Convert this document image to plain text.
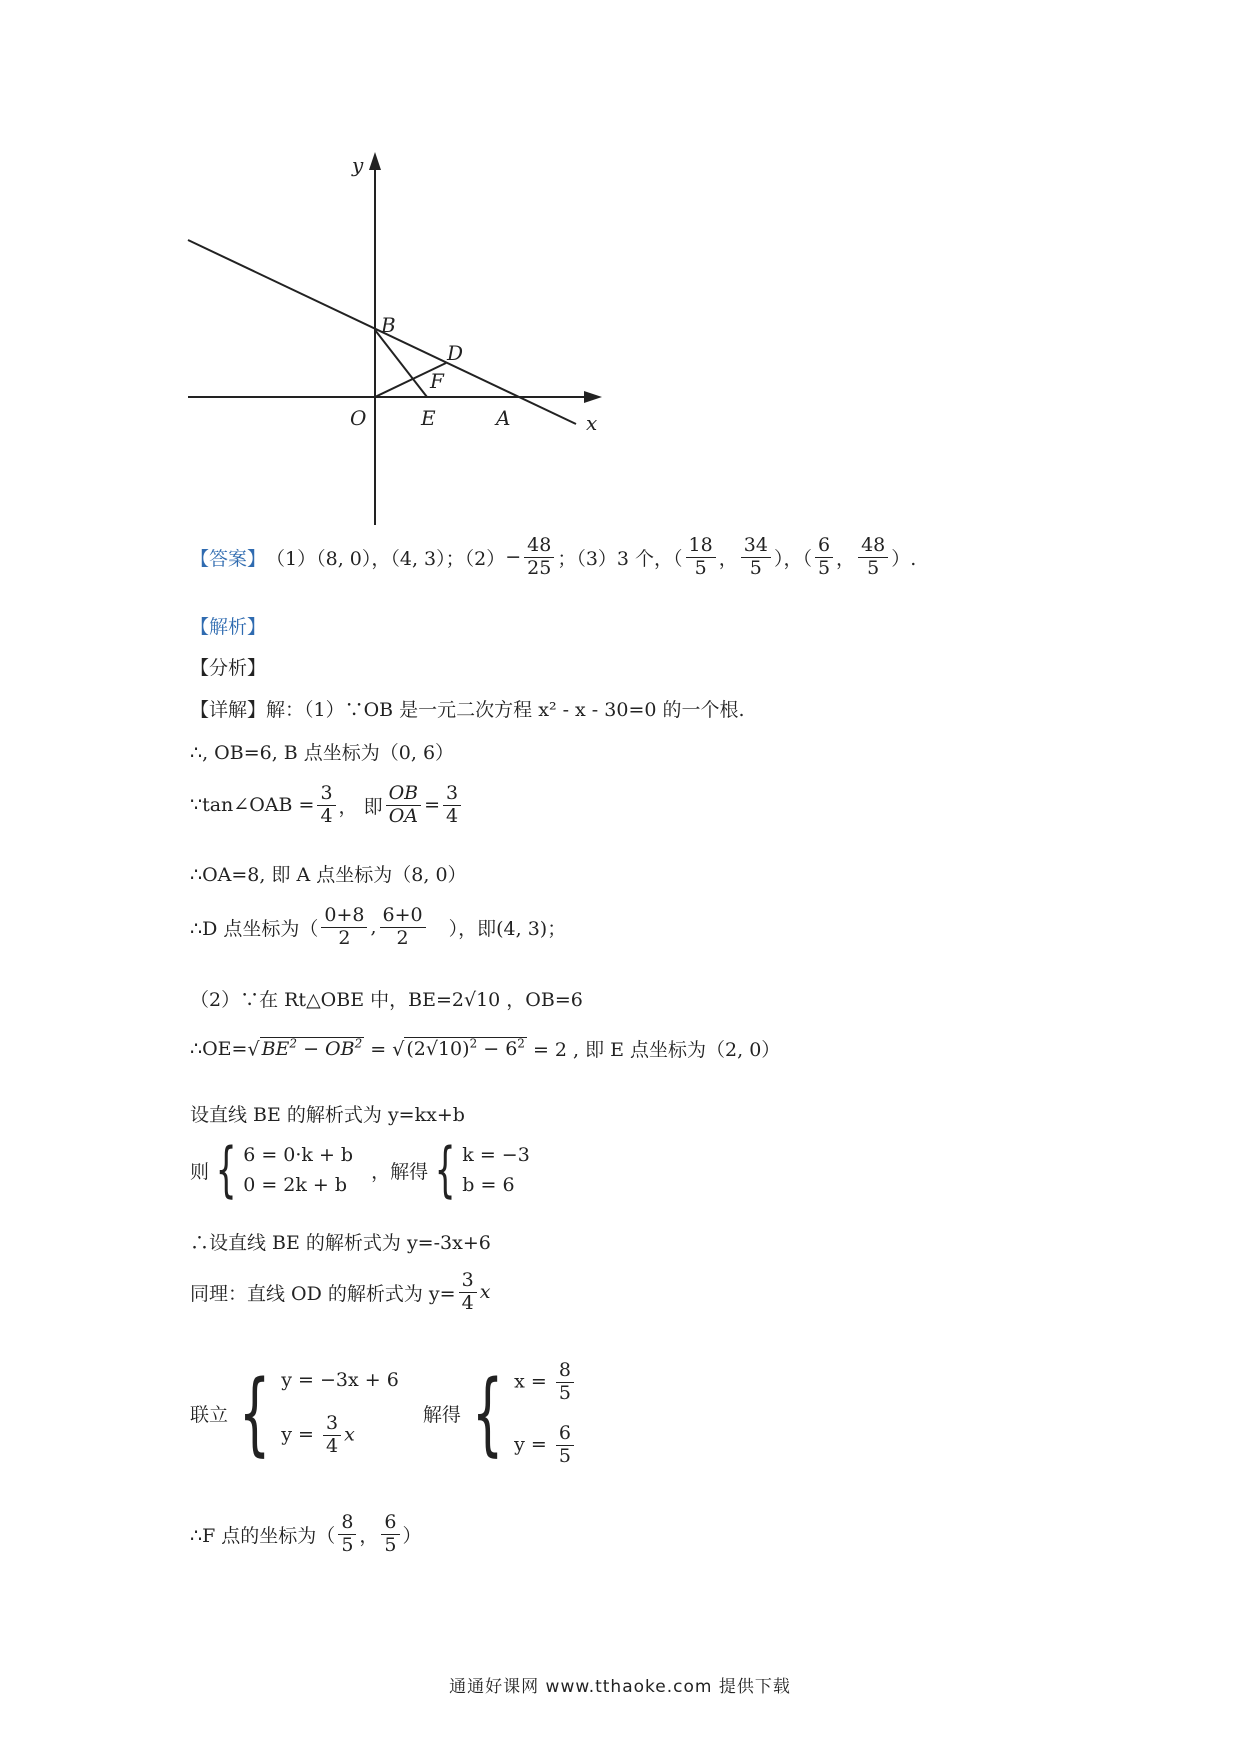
y
x
B
D
F
O	E	A
【答案】 （1）（8, 0），（4, 3）；$(2) - \frac{48}{25}$ ；（3）3 个，（ $\frac{18}{5}$ ， $\frac{34}{5}$ ），（ $\frac{6}{5}$ ， $\frac{48}{5}$ ）.
【解析】
【分析】
【详解】 解：（1）∵OB 是一元二次方程 x² - x - 30=0 的一个根.
∴, OB=6, B 点坐标为（0, 6）
∵tan∠OAB = $\frac{3}{4}$ ， 即 $\frac{OB}{OA} = \frac{3}{4}$
∴OA=8, 即 A 点坐标为（8, 0）
∴D 点坐标为（ $\frac{0+8}{2}$ , $\frac{6+0}{2}$ ），即(4, 3)；
（2）∵在 Rt△OBE 中，BE=2√10 ，OB=6
∴OE= √ $BE^2 - OB^2$ = √ $(2√10)^2 - 6^2 = 2$ , 即 E 点坐标为（2, 0）
设直线 BE 的解析式为 y=kx+b
则 { 6 = 0·k + b
0 = 2k + b
，解得 { k = −3
b = 6
∴设直线 BE 的解析式为 y=-3x+6
同理：直线 OD 的解析式为 $y= \frac{3}{4}$ x
联立 { y = −3x + 6
$y = \frac{3}{4}$ x
解得 { $x = \frac{8}{5}$
$y = \frac{6}{5}$
∴F 点的坐标为（ $\frac{8}{5}$ ， $\frac{6}{5}$ ）
通通好课网 www.tthaoke.com 提供下载
